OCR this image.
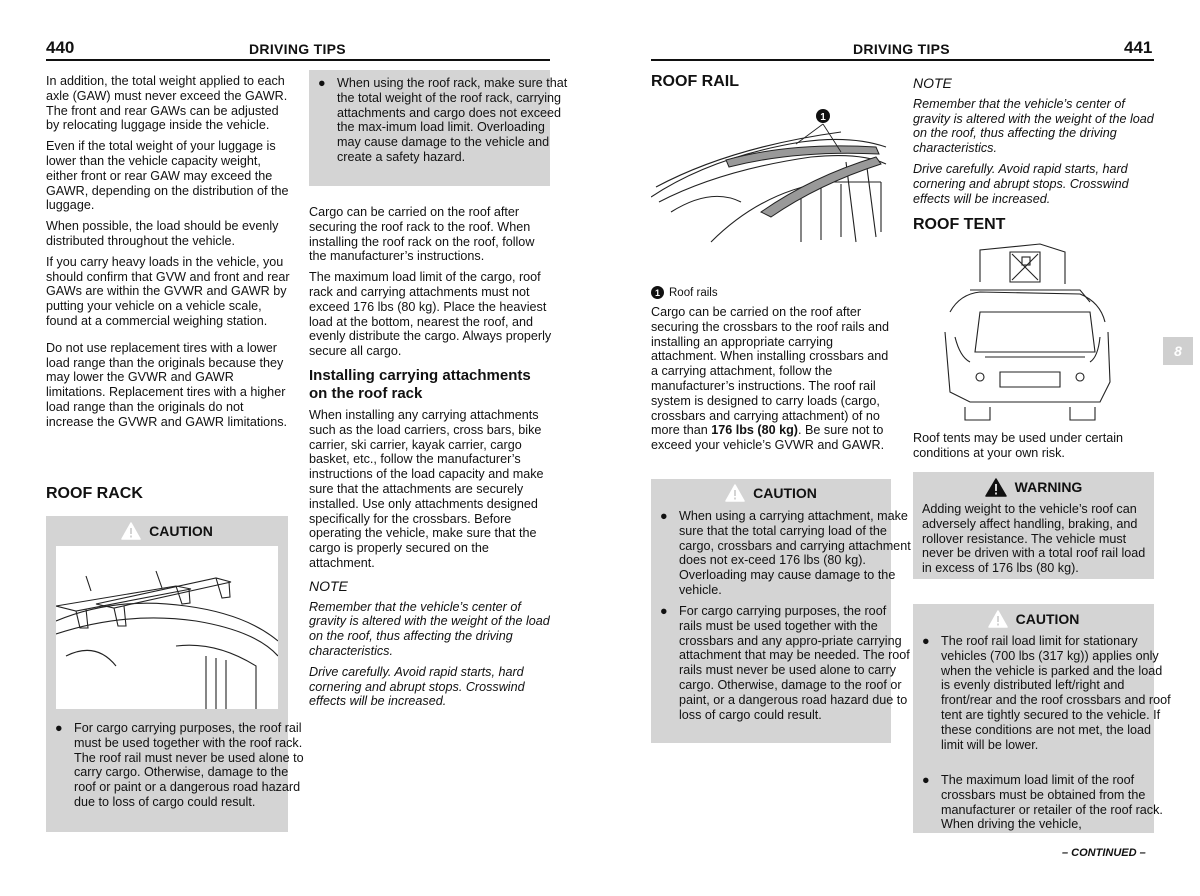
440	DRIVING TIPS

In addition, the total weight applied to each axle (GAW) must never exceed the GAWR. The front and rear GAWs can be adjusted by relocating luggage inside the vehicle.

Even if the total weight of your luggage is lower than the vehicle capacity weight, either front or rear GAW may exceed the GAWR, depending on the distribution of the luggage.

When possible, the load should be evenly distributed throughout the vehicle.

If you carry heavy loads in the vehicle, you should confirm that GVW and front and rear GAWs are within the GVWR and GAWR by putting your vehicle on a vehicle scale, found at a commercial weighing station.

Do not use replacement tires with a lower load range than the originals because they may lower the GVWR and GAWR limitations. Replacement tires with a higher load range than the originals do not increase the GVWR and GAWR limitations.

ROOF RACK
CAUTION
● For cargo carrying purposes, the roof rail must be used together with the roof rack. The roof rail must never be used alone to carry cargo. Otherwise, damage to the roof or paint or a dangerous road hazard due to loss of cargo could result.
● When using the roof rack, make sure that the total weight of the roof rack, carrying attachments and cargo does not exceed the max-imum load limit. Overloading may cause damage to the vehicle and create a safety hazard.

Cargo can be carried on the roof after securing the roof rack to the roof. When installing the roof rack on the roof, follow the manufacturer’s instructions.

The maximum load limit of the cargo, roof rack and carrying attachments must not exceed 176 lbs (80 kg). Place the heaviest load at the bottom, nearest the roof, and evenly distribute the cargo. Always properly secure all cargo.

Installing carrying attachments on the roof rack

When installing any carrying attachments such as the load carriers, cross bars, bike carrier, ski carrier, kayak carrier, cargo basket, etc., follow the manufacturer’s instructions of the load capacity and make sure that the attachments are securely installed. Use only attachments designed specifically for the crossbars. Before operating the vehicle, make sure that the cargo is properly secured on the attachment.

NOTE

Remember that the vehicle’s center of gravity is altered with the weight of the load on the roof, thus affecting the driving characteristics.

Drive carefully. Avoid rapid starts, hard cornering and abrupt stops. Crosswind effects will be increased.

DRIVING TIPS	441
ROOF RAIL
1
1 Roof rails

Cargo can be carried on the roof after securing the crossbars to the roof rails and installing an appropriate carrying attachment. When installing crossbars and a carrying attachment, follow the manufacturer’s instructions. The roof rail system is designed to carry loads (cargo, crossbars and carrying attachment) of no more than 176 lbs (80 kg). Be sure not to exceed your vehicle’s GVWR and GAWR.

CAUTION
● When using a carrying attachment, make sure that the total carrying load of the cargo, crossbars and carrying attachment does not ex-ceed 176 lbs (80 kg). Overloading may cause damage to the vehicle.
● For cargo carrying purposes, the roof rails must be used together with the crossbars and any appro-priate carrying attachment that may be needed. The roof rails must never be used alone to carry cargo. Otherwise, damage to the roof or paint, or a dangerous road hazard due to loss of cargo could result.

NOTE

Remember that the vehicle’s center of gravity is altered with the weight of the load on the roof, thus affecting the driving characteristics.

Drive carefully. Avoid rapid starts, hard cornering and abrupt stops. Crosswind effects will be increased.

ROOF TENT

Roof tents may be used under certain conditions at your own risk.

WARNING
Adding weight to the vehicle’s roof can adversely affect handling, braking, and rollover resistance. The vehicle must never be driven with a total roof rail load in excess of 176 lbs (80 kg).
CAUTION
● The roof rail load limit for stationary vehicles (700 lbs (317 kg)) applies only when the vehicle is parked and the load is evenly distributed left/right and front/rear and the roof crossbars and roof tent are tightly secured to the vehicle. If these conditions are not met, the load limit will be lower.
● The maximum load limit of the roof crossbars must be obtained from the manufacturer or retailer of the roof rack. When driving the vehicle,
– CONTINUED –
8
